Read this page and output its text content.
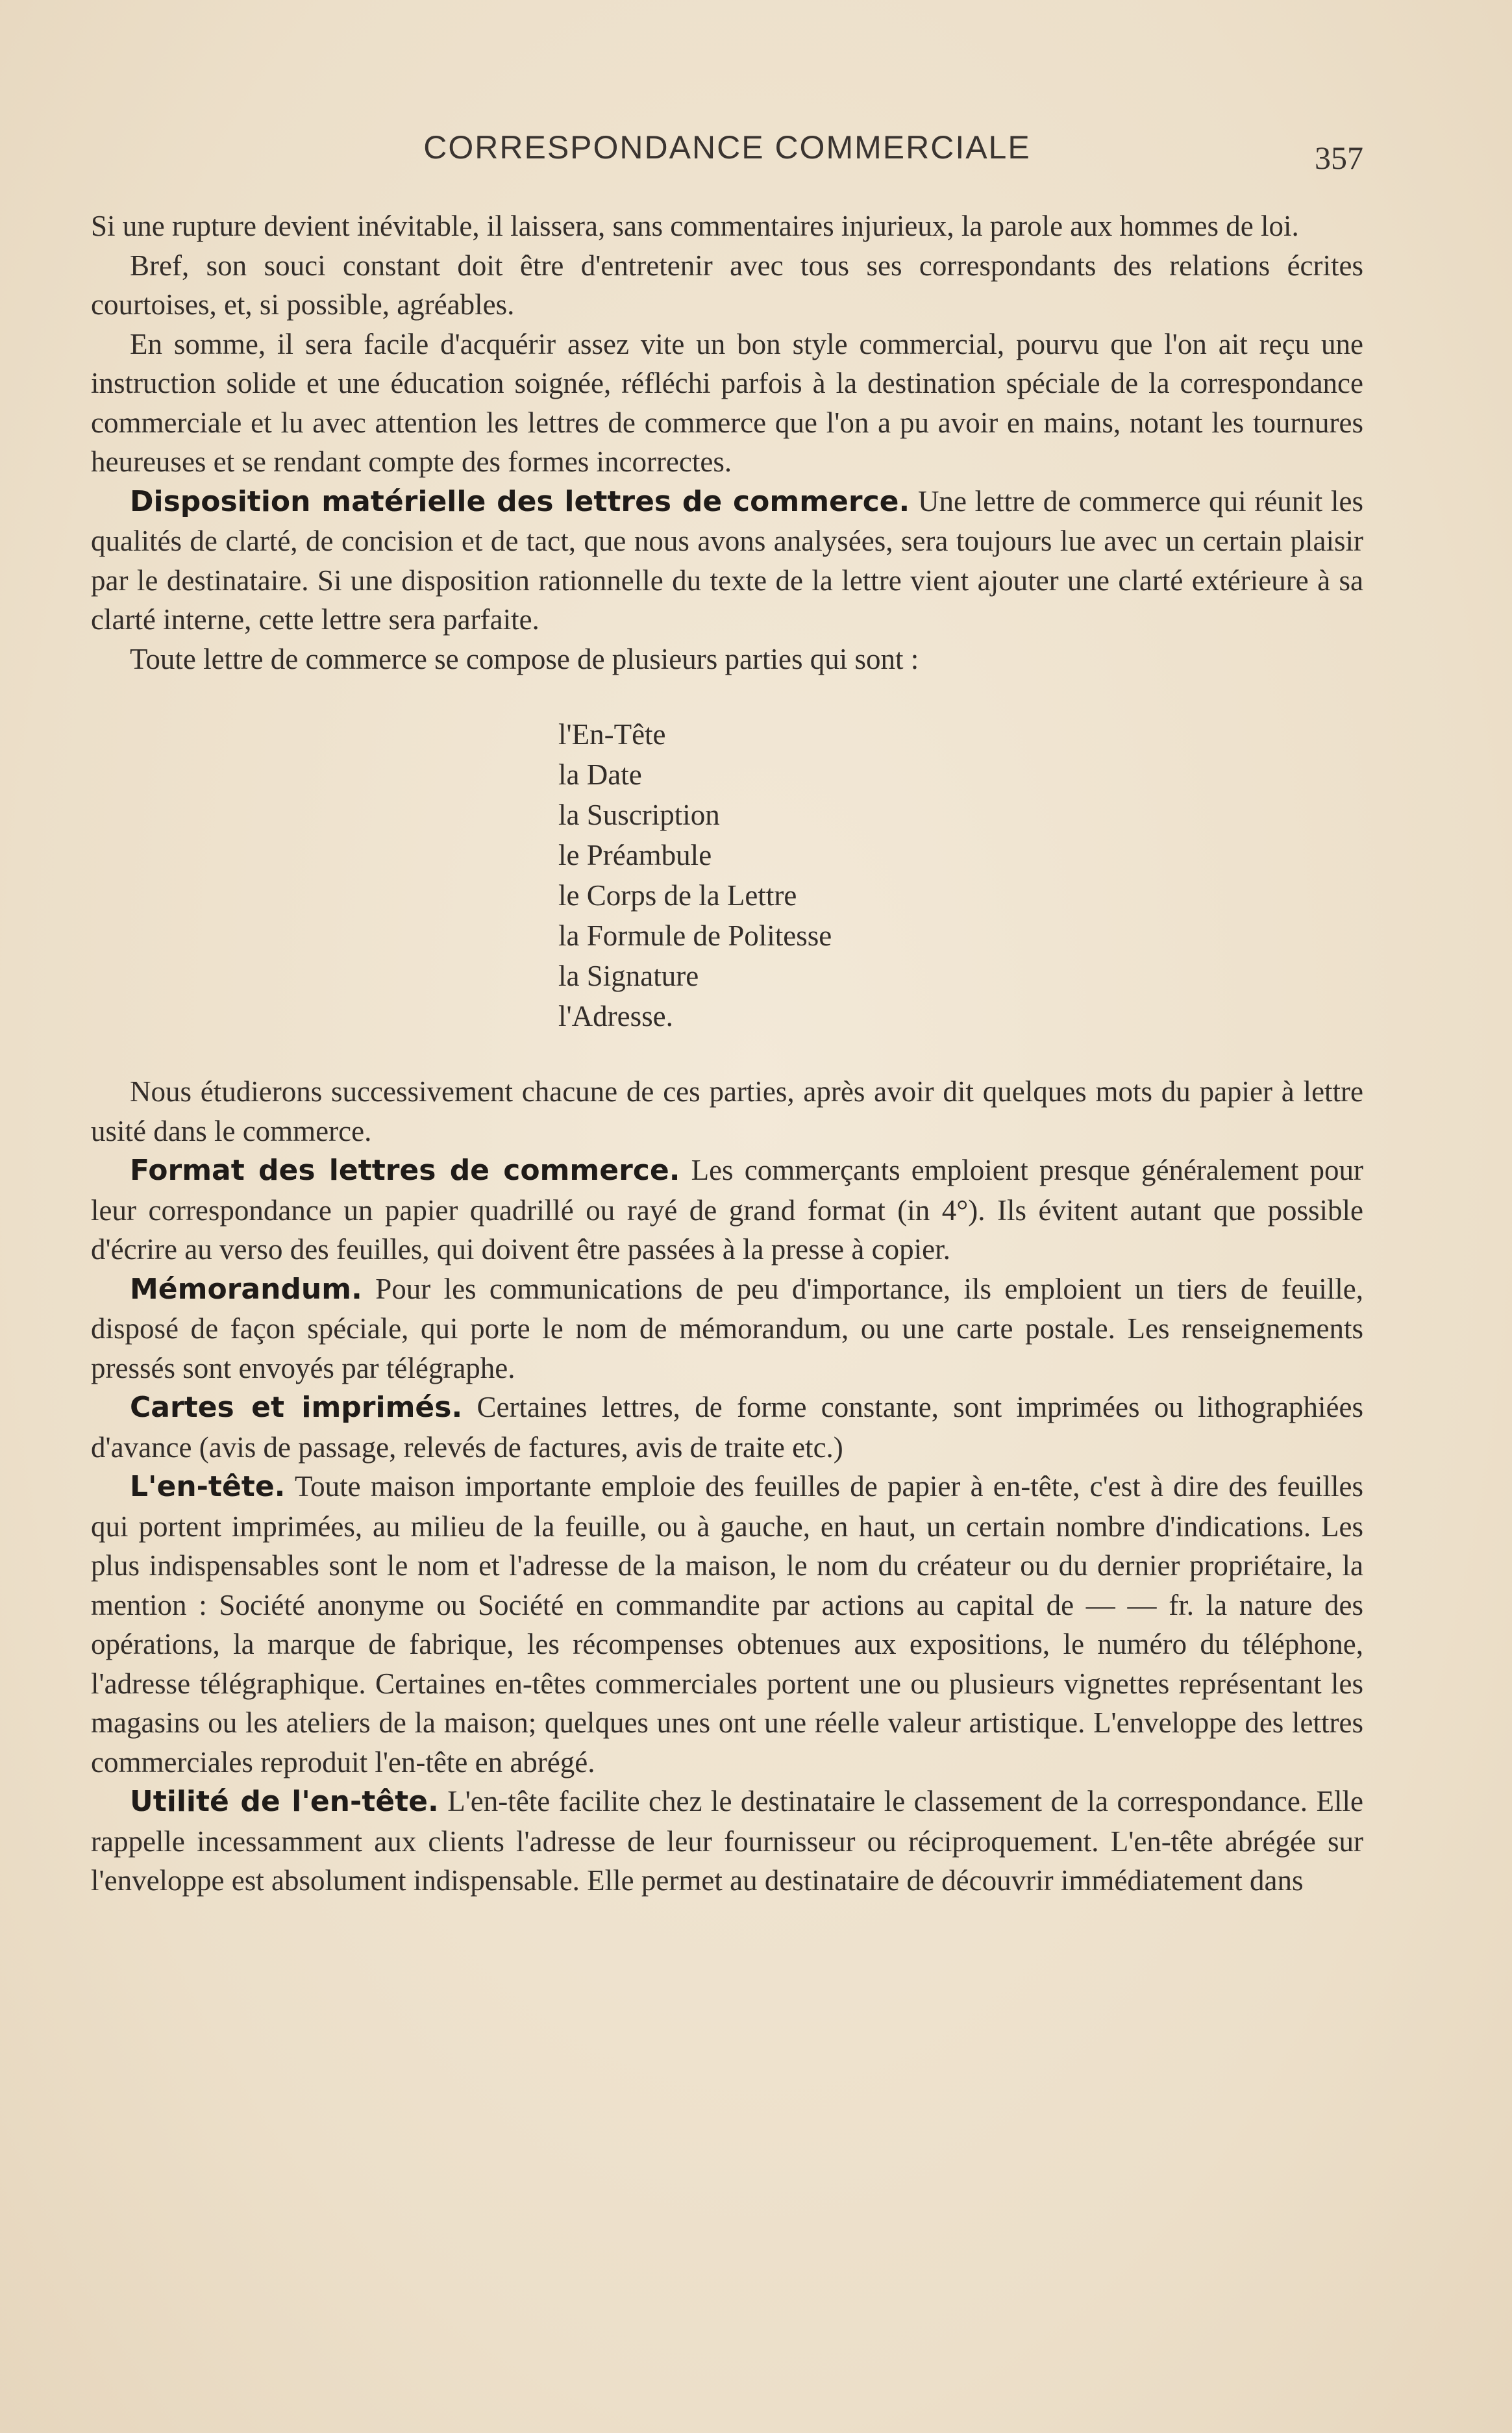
CORRESPONDANCE COMMERCIALE	357

Si une rupture devient inévitable, il laissera, sans commentaires injurieux, la parole aux hommes de loi.

Bref, son souci constant doit être d'entretenir avec tous ses correspondants des relations écrites courtoises, et, si possible, agréables.

En somme, il sera facile d'acquérir assez vite un bon style commercial, pourvu que l'on ait reçu une instruction solide et une éducation soignée, réfléchi parfois à la destination spéciale de la correspondance commerciale et lu avec attention les lettres de commerce que l'on a pu avoir en mains, notant les tournures heureuses et se rendant compte des formes incorrectes.

Disposition matérielle des lettres de commerce. Une lettre de commerce qui réunit les qualités de clarté, de concision et de tact, que nous avons analysées, sera toujours lue avec un certain plaisir par le destinataire. Si une disposition rationnelle du texte de la lettre vient ajouter une clarté extérieure à sa clarté interne, cette lettre sera parfaite.

Toute lettre de commerce se compose de plusieurs parties qui sont :

l'En-Tête
la Date
la Suscription
le Préambule
le Corps de la Lettre
la Formule de Politesse
la Signature
l'Adresse.

Nous étudierons successivement chacune de ces parties, après avoir dit quelques mots du papier à lettre usité dans le commerce.

Format des lettres de commerce. Les commerçants emploient presque généralement pour leur correspondance un papier quadrillé ou rayé de grand format (in 4°). Ils évitent autant que possible d'écrire au verso des feuilles, qui doivent être passées à la presse à copier.

Mémorandum. Pour les communications de peu d'importance, ils emploient un tiers de feuille, disposé de façon spéciale, qui porte le nom de mémorandum, ou une carte postale. Les renseignements pressés sont envoyés par télégraphe.

Cartes et imprimés. Certaines lettres, de forme constante, sont imprimées ou lithographiées d'avance (avis de passage, relevés de factures, avis de traite etc.)

L'en-tête. Toute maison importante emploie des feuilles de papier à en-tête, c'est à dire des feuilles qui portent imprimées, au milieu de la feuille, ou à gauche, en haut, un certain nombre d'indications. Les plus indispensables sont le nom et l'adresse de la maison, le nom du créateur ou du dernier propriétaire, la mention : Société anonyme ou Société en commandite par actions au capital de — — fr. la nature des opérations, la marque de fabrique, les récompenses obtenues aux expositions, le numéro du téléphone, l'adresse télégraphique. Certaines en-têtes commerciales portent une ou plusieurs vignettes représentant les magasins ou les ateliers de la maison; quelques unes ont une réelle valeur artistique. L'enveloppe des lettres commerciales reproduit l'en-tête en abrégé.

Utilité de l'en-tête. L'en-tête facilite chez le destinataire le classement de la correspondance. Elle rappelle incessamment aux clients l'adresse de leur fournisseur ou réciproquement. L'en-tête abrégée sur l'enveloppe est absolument indispensable. Elle permet au destinataire de découvrir immédiatement dans
